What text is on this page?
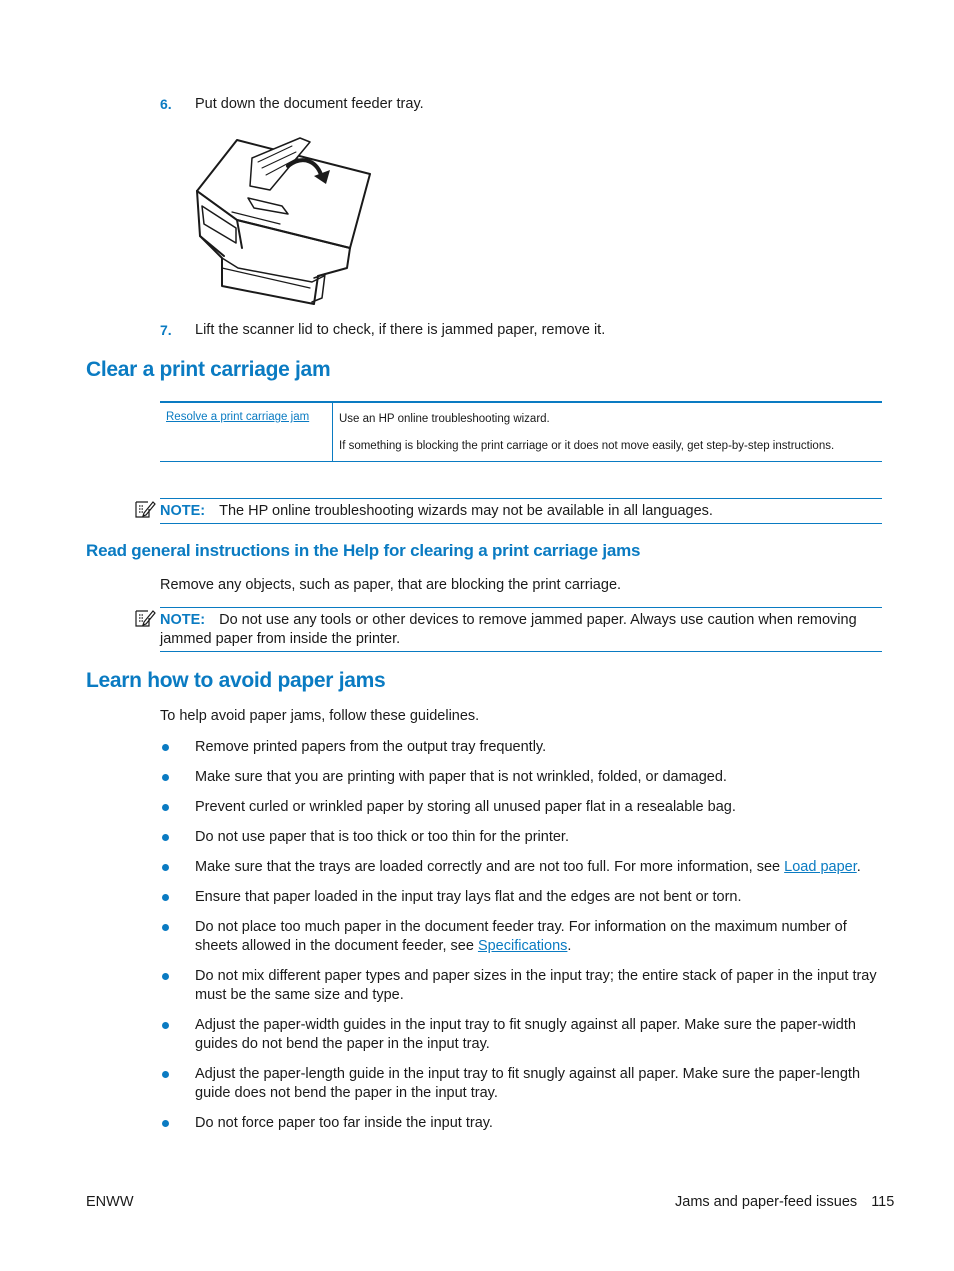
6. Put down the document feeder tray.
7. Lift the scanner lid to check, if there is jammed paper, remove it.
Clear a print carriage jam
Resolve a print carriage jam	Use an HP online troubleshooting wizard.
If something is blocking the print carriage or it does not move easily, get step-by-step instructions.
NOTE: The HP online troubleshooting wizards may not be available in all languages.
Read general instructions in the Help for clearing a print carriage jams
Remove any objects, such as paper, that are blocking the print carriage.
NOTE: Do not use any tools or other devices to remove jammed paper. Always use caution when removing jammed paper from inside the printer.
Learn how to avoid paper jams
To help avoid paper jams, follow these guidelines.
Remove printed papers from the output tray frequently.
Make sure that you are printing with paper that is not wrinkled, folded, or damaged.
Prevent curled or wrinkled paper by storing all unused paper flat in a resealable bag.
Do not use paper that is too thick or too thin for the printer.
Make sure that the trays are loaded correctly and are not too full. For more information, see Load paper.
Ensure that paper loaded in the input tray lays flat and the edges are not bent or torn.
Do not place too much paper in the document feeder tray. For information on the maximum number of sheets allowed in the document feeder, see Specifications.
Do not mix different paper types and paper sizes in the input tray; the entire stack of paper in the input tray must be the same size and type.
Adjust the paper-width guides in the input tray to fit snugly against all paper. Make sure the paper-width guides do not bend the paper in the input tray.
Adjust the paper-length guide in the input tray to fit snugly against all paper. Make sure the paper-length guide does not bend the paper in the input tray.
Do not force paper too far inside the input tray.
ENWW	Jams and paper-feed issues 115
